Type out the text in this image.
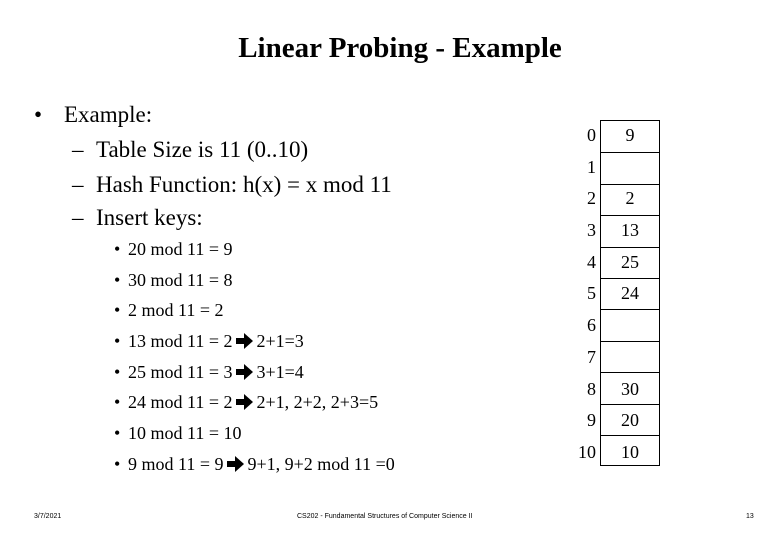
Linear Probing - Example
• Example:
– Table Size is 11 (0..10)
– Hash Function: h(x) = x mod 11
– Insert keys:
• 20 mod 11 = 9
• 30 mod 11 = 8
• 2 mod 11 = 2
• 13 mod 11 = 2 2+1=3
• 25 mod 11 = 3 3+1=4
• 24 mod 11 = 2 2+1, 2+2, 2+3=5
• 10 mod 11 = 10
• 9 mod 11 = 9 9+1, 9+2 mod 11 =0
0	9
1
2	2
3	13
4	25
5	24
6
7
8	30
9	20
10	10
3/7/2021	CS202 - Fundamental Structures of Computer Science II	13
